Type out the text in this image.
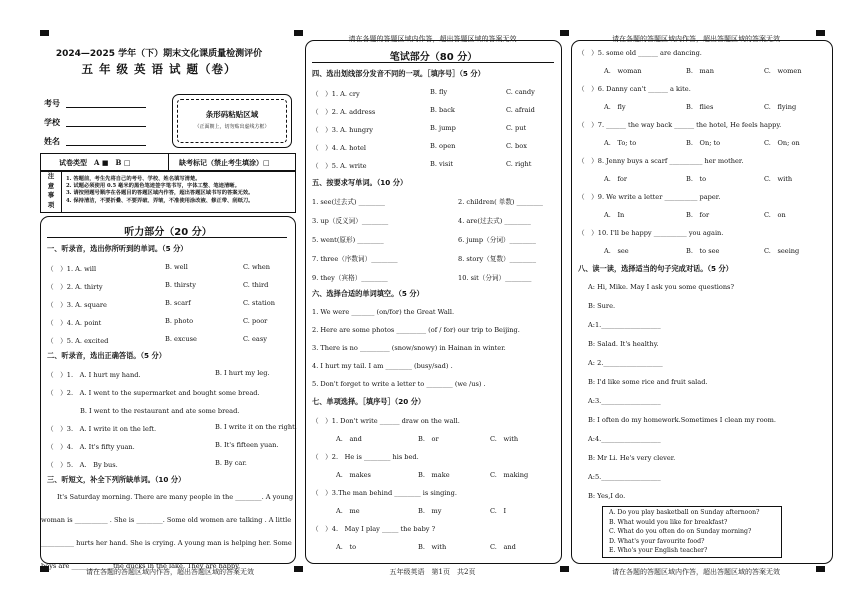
请在各题的答题区域内作答，超出答题区域的答案无效	请在各题的答题区域内作答，超出答题区域的答案无效
请在各题的答题区域内作答，超出答题区域的答案无效	五年级英语　第1页　共2页	请在各题的答题区域内作答，超出答题区域的答案无效
2024—2025 学年（下）期末文化课质量检测评价
五 年 级 英 语 试 题（卷）
考号
学校
姓名
条形码粘贴区域
（正面朝上，切勿贴出虚线方框）
试卷类型　A ■　B □	缺考标记（禁止考生填涂）□
注
意
事
项
1. 答题前，考生先将自己的考号、学校、姓名填写清楚。
2. 试题必须使用 0.5 毫米的黑色笔迹签字笔书写，字体工整、笔迹清晰。
3. 请按照题号顺序在各题目的答题区域内作答，超出答题区域书写的答案无效。
4. 保持清洁，不要折叠、不要弄破、弄皱，不准使用涂改液、修正带、刮纸刀。
听力部分（20 分）
一、听录音，选出你所听到的单词。（5 分）
（　）1. A. will	B. well	C. when
（　）2. A. thirty	B. thirsty	C. third
（　）3. A. square	B. scarf	C. station
（　）4. A. point	B. photo	C. poor
（　）5. A. excited	B. excuse	C. easy
二、听录音，选出正确答语。（5 分）
（　）1.　A. I hurt my hand.	B. I hurt my leg.
（　）2.　A. I went to the supermarket and bought some bread.
　　　　　B. I went to the restaurant and ate some bread.
（　）3.　A. I write it on the left.	B. I write it on the right.
（　）4.　A. It's fifty yuan.	B. It's fifteen yuan.
（　）5.　A.　By bus.	B. By car.
三、听短文，补全下列所缺单词。（10 分）
It's Saturday morning. There are many people in the ________. A young
woman is __________ . She is ________. Some old women are talking . A little
__________ hurts her hand. She is crying. A young man is helping her. Some
boys are ____________ the ducks in the lake. They are happy.
笔试部分（80 分）
四、选出划线部分发音不同的一项。［填序号］（5 分）
（　）1. A. cry	B. fly	C. candy
（　）2. A. address	B. back	C. afraid
（　）3. A. hungry	B. jump	C. put
（　）4. A. hotel	B. open	C. box
（　）5. A. write	B. visit	C. right
五、按要求写单词。（10 分）
1. see(过去式) ________	2. children( 单数) ________
3. up（反义词）________	4. are(过去式) ________
5. went(原形) ________	6. jump（分词）________
7. three（序数词）________	8. story（复数）________
9. they（宾格）________	10. sit（分词）________
六、选择合适的单词填空。（5 分）
1. We were _______ (on/for) the Great Wall.
2. Here are some photos _________ (of / for) our trip to Beijing.
3. There is no _________ (snow/snowy) in Hainan in winter.
4. I hurt my tail. I am ________ (busy/sad) .
5. Don't forget to write a letter to ________ (we /us) .
七、单项选择。［填序号］（20 分）
（　）1. Don't write ______ draw on the wall.
A.　and	B.　or	C.　with
（　）2.　He is ________ his bed.
A.　makes	B.　make	C.　making
（　）3.The man behind ________ is singing.
A.　me	B.　my	C.　I
（　）4.　May I play _____ the baby ?
A.　to	B.　with	C.　and
（　）5. some old ______ are dancing.
A.　woman	B.　man	C.　women
（　）6. Danny can't ______ a kite.
A.　fly	B.　flies	C.　flying
（　）7. ______ the way back ______ the hotel, He feels happy.
A.　To; to	B.　On; to	C.　On; on
（　）8. Jenny buys a scarf __________ her mother.
A.　for	B.　to	C.　with
（　）9. We write a letter __________ paper.
A.　In	B.　for	C.　on
（　）10. I'll be happy __________ you again.
A.　see	B.　to see	C.　seeing
八、读一读，选择适当的句子完成对话。（5 分）
A: Hi, Mike. May I ask you some questions?
B: Sure.
A:1.__________________
B: Salad. It's healthy.
A: 2.__________________
B: I'd like some rice and fruit salad.
A:3.__________________
B: I often do my homework.Sometimes I clean my room.
A:4.__________________
B: Mr Li. He's very clever.
A:5.__________________
B: Yes,I do.
A. Do you play basketball on Sunday afternoon?
B. What would you like for breakfast?
C. What do you often do on Sunday morning?
D. What's your favourite food?
E. Who's your English teacher?
